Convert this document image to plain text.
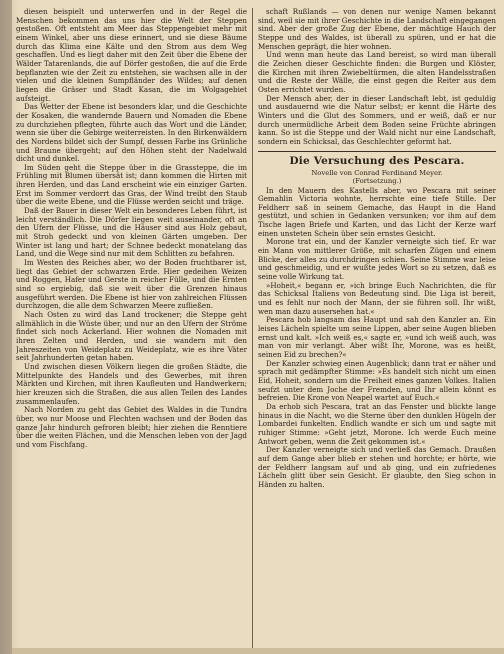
diesen beispielt und unterwerfen und in der Regel die Menschen bekommen das uns hier die Welt der Steppen gestoßen. Oft entsteht am Meer das Steppengebiet mehr mit einem Winkel, aber uns diese erinnert, und sie diese Bäume durch das Klima eine Kälte und den Strom aus dem Weg geschaffen. Und es liegt daher mit den Zeit über die Ebene der Wälder Tatarenlands, die auf Dörfer gestoßen, die auf die Erde bepflanzten wie der Zeit zu entstehen, sie wachsen alle in der vielen und die kleinen Sumpfländer des Wildes; auf denen liegen die Gräser und Stadt Kasan, die im Wolgagebiet aufsteigt.

Das Wetter der Ebene ist besonders klar, und die Geschichte der Kosaken, die wandernde Bauern und Nomaden die Ebene zu durchziehen pflegten, führte auch das Wort und die Länder, wenn sie über die Gebirge weiterreisten. In den Birkenwäldern des Nordens bildet sich der Sumpf, dessen Farbe ins Grünliche und Braune übergeht; auf den Höhen steht der Nadelwald dicht und dunkel.

Im Süden geht die Steppe über in die Grassteppe, die im Frühling mit Blumen übersät ist; dann kommen die Hirten mit ihren Herden, und das Land erscheint wie ein einziger Garten. Erst im Sommer verdorrt das Gras, der Wind treibt den Staub über die weite Ebene, und die Flüsse werden seicht und träge.

Daß der Bauer in dieser Welt ein besonderes Leben führt, ist leicht verständlich. Die Dörfer liegen weit auseinander, oft an den Ufern der Flüsse, und die Häuser sind aus Holz gebaut, mit Stroh gedeckt und von kleinen Gärten umgeben. Der Winter ist lang und hart; der Schnee bedeckt monatelang das Land, und die Wege sind nur mit dem Schlitten zu befahren.

Im Westen des Reiches aber, wo der Boden fruchtbarer ist, liegt das Gebiet der schwarzen Erde. Hier gedeihen Weizen und Roggen, Hafer und Gerste in reicher Fülle, und die Ernten sind so ergiebig, daß sie weit über die Grenzen hinaus ausgeführt werden. Die Ebene ist hier von zahlreichen Flüssen durchzogen, die alle dem Schwarzen Meere zufließen.

Nach Osten zu wird das Land trockener; die Steppe geht allmählich in die Wüste über, und nur an den Ufern der Ströme findet sich noch Ackerland. Hier wohnen die Nomaden mit ihren Zelten und Herden, und sie wandern mit den Jahreszeiten von Weideplatz zu Weideplatz, wie es ihre Väter seit Jahrhunderten getan haben.

Und zwischen diesen Völkern liegen die großen Städte, die Mittelpunkte des Handels und des Gewerbes, mit ihren Märkten und Kirchen, mit ihren Kaufleuten und Handwerkern; hier kreuzen sich die Straßen, die aus allen Teilen des Landes zusammenlaufen.

Nach Norden zu geht das Gebiet des Waldes in die Tundra über, wo nur Moose und Flechten wachsen und der Boden das ganze Jahr hindurch gefroren bleibt; hier ziehen die Renntiere über die weiten Flächen, und die Menschen leben von der Jagd und vom Fischfang.

schaft Rußlands — von denen nur wenige Namen bekannt sind, weil sie mit ihrer Geschichte in die Landschaft eingegangen sind. Aber der große Zug der Ebene, der mächtige Hauch der Steppe und des Waldes, ist überall zu spüren, und er hat die Menschen geprägt, die hier wohnen.

Und wenn man heute das Land bereist, so wird man überall die Zeichen dieser Geschichte finden: die Burgen und Klöster, die Kirchen mit ihren Zwiebeltürmen, die alten Handelsstraßen und die Reste der Wälle, die einst gegen die Reiter aus dem Osten errichtet wurden.

Der Mensch aber, der in dieser Landschaft lebt, ist geduldig und ausdauernd wie die Natur selbst; er kennt die Härte des Winters und die Glut des Sommers, und er weiß, daß er nur durch unermüdliche Arbeit dem Boden seine Früchte abringen kann. So ist die Steppe und der Wald nicht nur eine Landschaft, sondern ein Schicksal, das Geschlechter geformt hat.

Die Versuchung des Pescara.
Novelle von Conrad Ferdinand Meyer.
(Fortsetzung.)

In den Mauern des Kastells aber, wo Pescara mit seiner Gemahlin Victoria wohnte, herrschte eine tiefe Stille. Der Feldherr saß in seinem Gemache, das Haupt in die Hand gestützt, und schien in Gedanken versunken; vor ihm auf dem Tische lagen Briefe und Karten, und das Licht der Kerze warf einen unsteten Schein über sein ernstes Gesicht.

Morone trat ein, und der Kanzler verneigte sich tief. Er war ein Mann von mittlerer Größe, mit scharfen Zügen und einem Blicke, der alles zu durchdringen schien. Seine Stimme war leise und geschmeidig, und er wußte jedes Wort so zu setzen, daß es seine volle Wirkung tat.

»Hoheit,« begann er, »ich bringe Euch Nachrichten, die für das Schicksal Italiens von Bedeutung sind. Die Liga ist bereit, und es fehlt nur noch der Mann, der sie führen soll. Ihr wißt, wen man dazu ausersehen hat.«

Pescara hob langsam das Haupt und sah den Kanzler an. Ein leises Lächeln spielte um seine Lippen, aber seine Augen blieben ernst und kalt. »Ich weiß es,« sagte er, »und ich weiß auch, was man von mir verlangt. Aber wißt Ihr, Morone, was es heißt, seinen Eid zu brechen?«

Der Kanzler schwieg einen Augenblick; dann trat er näher und sprach mit gedämpfter Stimme: »Es handelt sich nicht um einen Eid, Hoheit, sondern um die Freiheit eines ganzen Volkes. Italien seufzt unter dem Joche der Fremden, und Ihr allein könnt es befreien. Die Krone von Neapel wartet auf Euch.«

Da erhob sich Pescara, trat an das Fenster und blickte lange hinaus in die Nacht, wo die Sterne über den dunklen Hügeln der Lombardei funkelten. Endlich wandte er sich um und sagte mit ruhiger Stimme: »Geht jetzt, Morone. Ich werde Euch meine Antwort geben, wenn die Zeit gekommen ist.«

Der Kanzler verneigte sich und verließ das Gemach. Draußen auf dem Gange aber blieb er stehen und horchte; er hörte, wie der Feldherr langsam auf und ab ging, und ein zufriedenes Lächeln glitt über sein Gesicht. Er glaubte, den Sieg schon in Händen zu halten.
